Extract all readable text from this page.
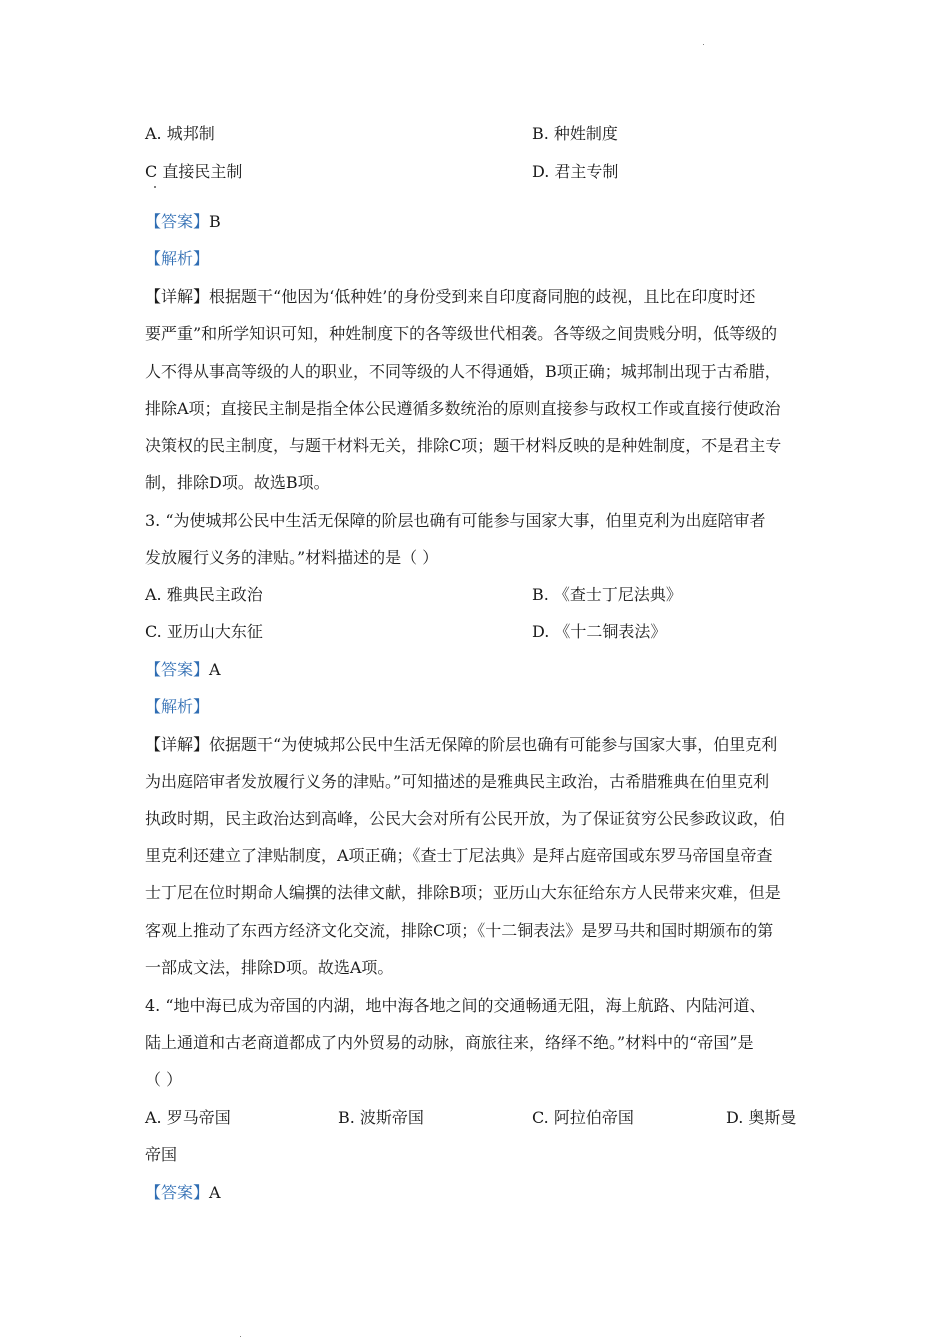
A. 城邦制	B. 种姓制度
C 直接民主制	D. 君主专制
【答案】B
【解析】
【详解】根据题干“他因为‘低种姓’的身份受到来自印度裔同胞的歧视，且比在印度时还
要严重”和所学知识可知，种姓制度下的各等级世代相袭。各等级之间贵贱分明，低等级的
人不得从事高等级的人的职业，不同等级的人不得通婚，B项正确；城邦制出现于古希腊，
排除A项；直接民主制是指全体公民遵循多数统治的原则直接参与政权工作或直接行使政治
决策权的民主制度，与题干材料无关，排除C项；题干材料反映的是种姓制度，不是君主专
制，排除D项。故选B项。
3. “为使城邦公民中生活无保障的阶层也确有可能参与国家大事，伯里克利为出庭陪审者
发放履行义务的津贴。”材料描述的是（ ）
A. 雅典民主政治	B. 《查士丁尼法典》
C. 亚历山大东征	D. 《十二铜表法》
【答案】A
【解析】
【详解】依据题干“为使城邦公民中生活无保障的阶层也确有可能参与国家大事，伯里克利
为出庭陪审者发放履行义务的津贴。”可知描述的是雅典民主政治，古希腊雅典在伯里克利
执政时期，民主政治达到高峰，公民大会对所有公民开放，为了保证贫穷公民参政议政，伯
里克利还建立了津贴制度，A项正确；《查士丁尼法典》是拜占庭帝国或东罗马帝国皇帝查
士丁尼在位时期命人编撰的法律文献，排除B项；亚历山大东征给东方人民带来灾难，但是
客观上推动了东西方经济文化交流，排除C项；《十二铜表法》是罗马共和国时期颁布的第
一部成文法，排除D项。故选A项。
4. “地中海已成为帝国的内湖，地中海各地之间的交通畅通无阻，海上航路、内陆河道、
陆上通道和古老商道都成了内外贸易的动脉，商旅往来，络绎不绝。”材料中的“帝国”是
（ ）
A. 罗马帝国	B. 波斯帝国	C. 阿拉伯帝国	D. 奥斯曼
帝国
【答案】A
